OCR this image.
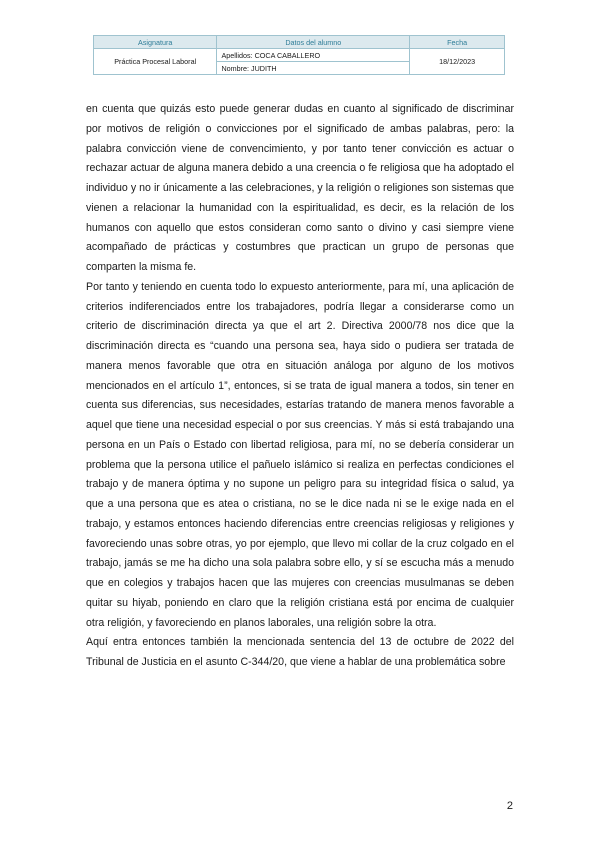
Asignatura	Datos del alumno	Fecha
Práctica Procesal Laboral	Apellidos: COCA CABALLERO	18/12/2023
	Nombre: JUDITH	

en cuenta que quizás esto puede generar dudas en cuanto al significado de discriminar por motivos de religión o convicciones por el significado de ambas palabras, pero: la palabra convicción viene de convencimiento, y por tanto tener convicción es actuar o rechazar actuar de alguna manera debido a una creencia o fe religiosa que ha adoptado el individuo y no ir únicamente a las celebraciones, y la religión o religiones son sistemas que vienen a relacionar la humanidad con la espiritualidad, es decir, es la relación de los humanos con aquello que estos consideran como santo o divino y casi siempre viene acompañado de prácticas y costumbres que practican un grupo de personas que comparten la misma fe.

Por tanto y teniendo en cuenta todo lo expuesto anteriormente, para mí, una aplicación de criterios indiferenciados entre los trabajadores, podría llegar a considerarse como un criterio de discriminación directa ya que el art 2. Directiva 2000/78 nos dice que la discriminación directa es “cuando una persona sea, haya sido o pudiera ser tratada de manera menos favorable que otra en situación análoga por alguno de los motivos mencionados en el artículo 1”, entonces, si se trata de igual manera a todos, sin tener en cuenta sus diferencias, sus necesidades, estarías tratando de manera menos favorable a aquel que tiene una necesidad especial o por sus creencias. Y más si está trabajando una persona en un País o Estado con libertad religiosa, para mí, no se debería considerar un problema que la persona utilice el pañuelo islámico si realiza en perfectas condiciones el trabajo y de manera óptima y no supone un peligro para su integridad física o salud, ya que a una persona que es atea o cristiana, no se le dice nada ni se le exige nada en el trabajo, y estamos entonces haciendo diferencias entre creencias religiosas y religiones y favoreciendo unas sobre otras, yo por ejemplo, que llevo mi collar de la cruz colgado en el trabajo, jamás se me ha dicho una sola palabra sobre ello, y sí se escucha más a menudo que en colegios y trabajos hacen que las mujeres con creencias musulmanas se deben quitar su hiyab, poniendo en claro que la religión cristiana está por encima de cualquier otra religión, y favoreciendo en planos laborales, una religión sobre la otra.

Aquí entra entonces también la mencionada sentencia del 13 de octubre de 2022 del Tribunal de Justicia en el asunto C-344/20, que viene a hablar de una problemática sobre

2
